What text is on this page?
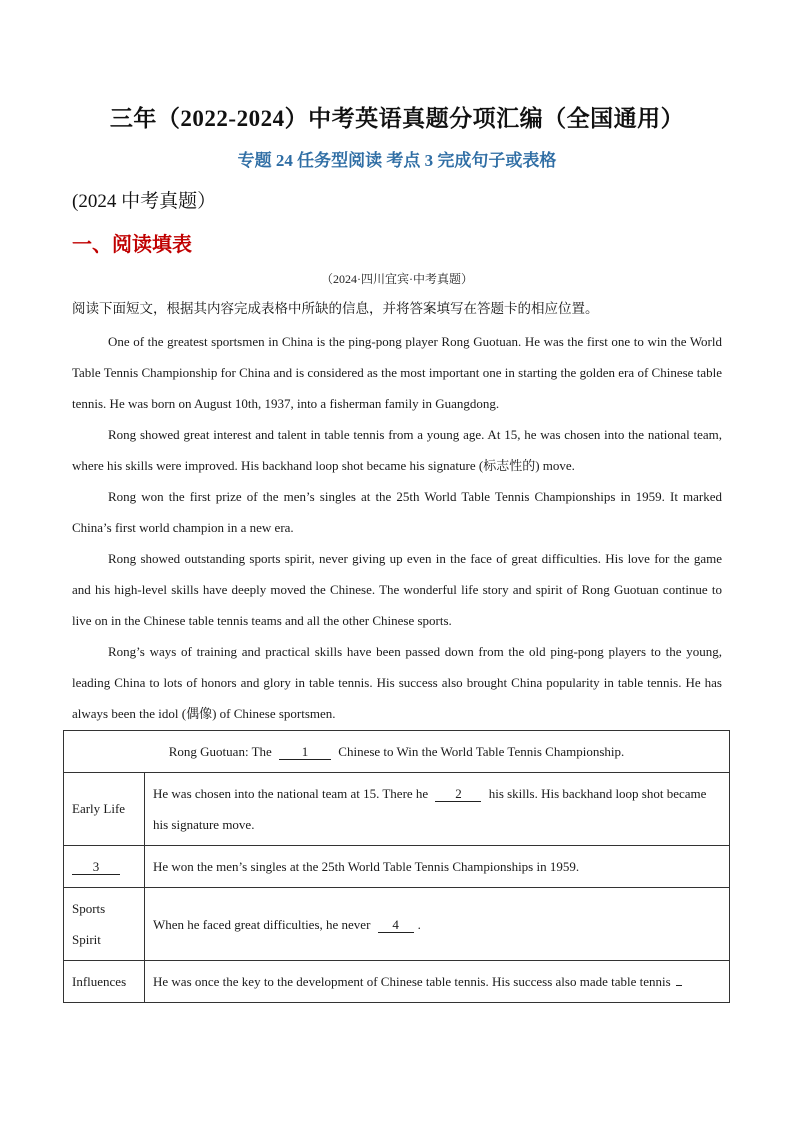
三年（2022-2024）中考英语真题分项汇编（全国通用）
专题 24 任务型阅读 考点 3 完成句子或表格
(2024 中考真题）
一、阅读填表
（2024·四川宜宾·中考真题）
阅读下面短文，根据其内容完成表格中所缺的信息，并将答案填写在答题卡的相应位置。

One of the greatest sportsmen in China is the ping-pong player Rong Guotuan. He was the first one to win the World Table Tennis Championship for China and is considered as the most important one in starting the golden era of Chinese table tennis. He was born on August 10th, 1937, into a fisherman family in Guangdong.

Rong showed great interest and talent in table tennis from a young age. At 15, he was chosen into the national team, where his skills were improved. His backhand loop shot became his signature (标志性的) move.

Rong won the first prize of the men’s singles at the 25th World Table Tennis Championships in 1959. It marked China’s first world champion in a new era.

Rong showed outstanding sports spirit, never giving up even in the face of great difficulties. His love for the game and his high-level skills have deeply moved the Chinese. The wonderful life story and spirit of Rong Guotuan continue to live on in the Chinese table tennis teams and all the other Chinese sports.

Rong’s ways of training and practical skills have been passed down from the old ping-pong players to the young, leading China to lots of honors and glory in table tennis. His success also brought China popularity in table tennis. He has always been the idol (偶像) of Chinese sportsmen.

Rong Guotuan: The 1 Chinese to Win the World Table Tennis Championship.	
Early Life	He was chosen into the national team at 15. There he 2 his skills. His backhand loop shot became his signature move.
3	He won the men’s singles at the 25th World Table Tennis Championships in 1959.
Sports Spirit	When he faced great difficulties, he never 4 .
Influences	He was once the key to the development of Chinese table tennis. His success also made table tennis
